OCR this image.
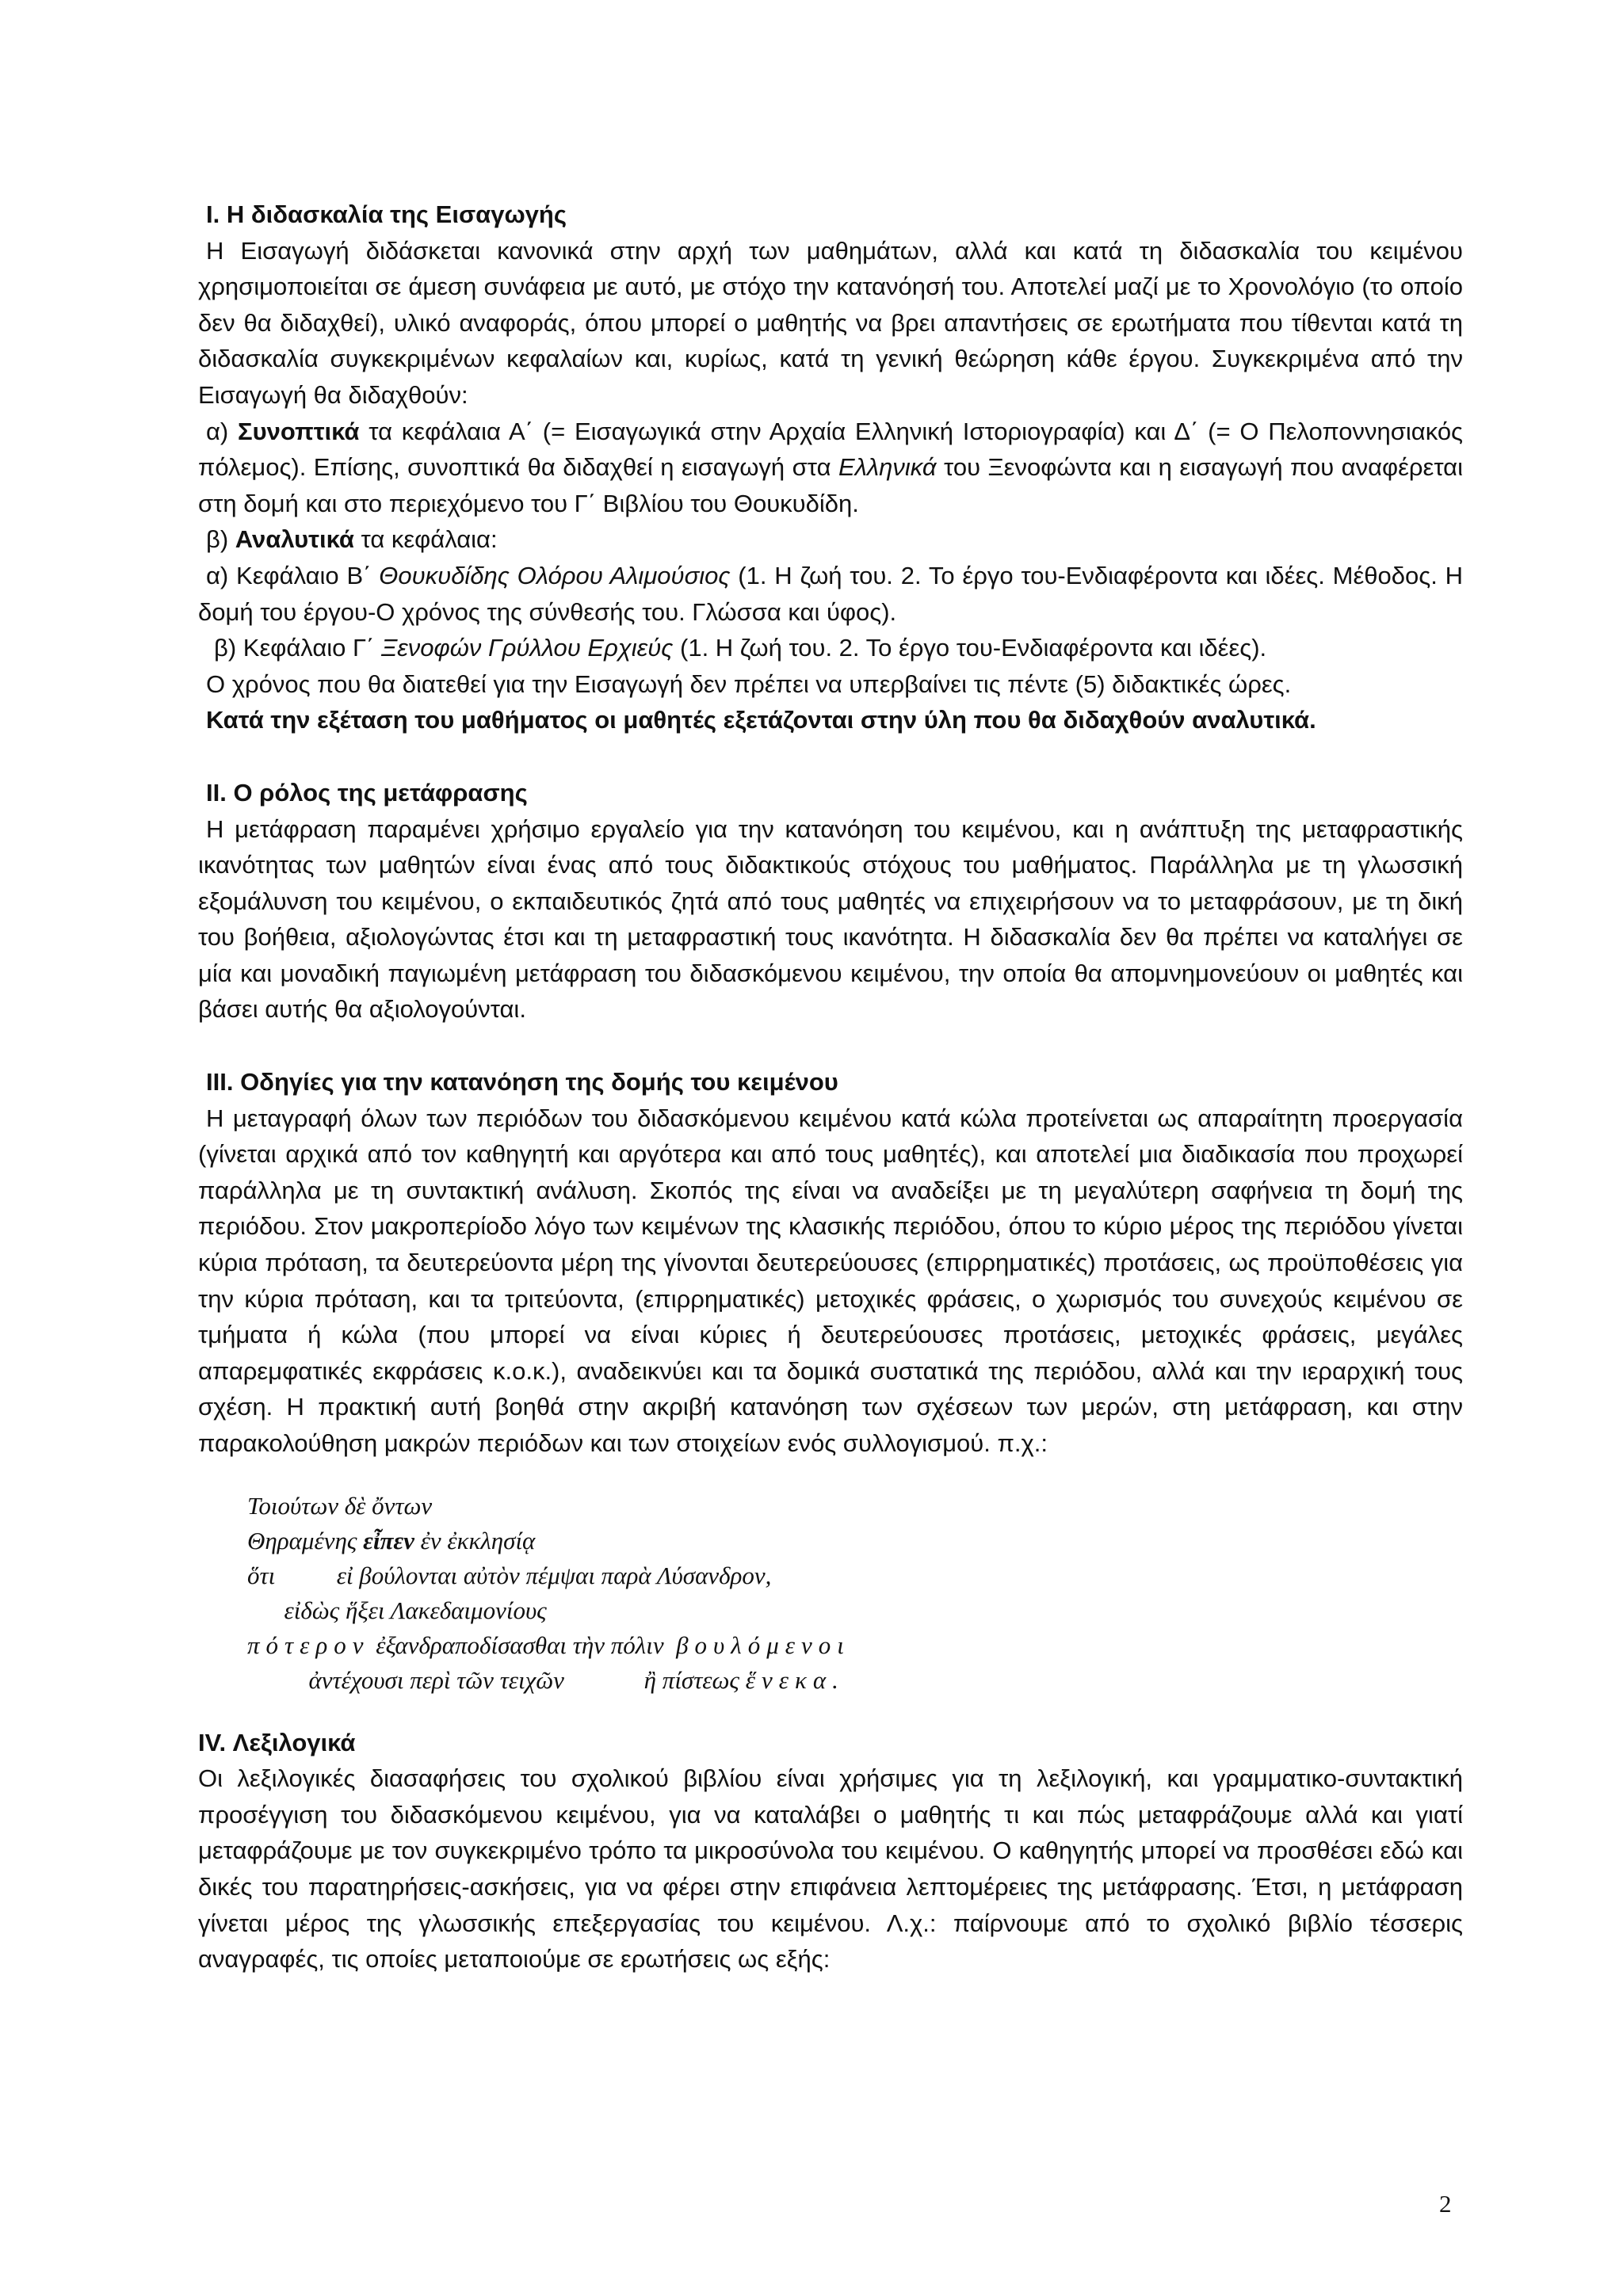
I. Η διδασκαλία της Εισαγωγής

Η Εισαγωγή διδάσκεται κανονικά στην αρχή των μαθημάτων, αλλά και κατά τη διδασκαλία του κειμένου χρησιμοποιείται σε άμεση συνάφεια με αυτό, με στόχο την κατανόησή του. Αποτελεί μαζί με το Χρονολόγιο (το οποίο δεν θα διδαχθεί), υλικό αναφοράς, όπου μπορεί ο μαθητής να βρει απαντήσεις σε ερωτήματα που τίθενται κατά τη διδασκαλία συγκεκριμένων κεφαλαίων και, κυρίως, κατά τη γενική θεώρηση κάθε έργου. Συγκεκριμένα από την Εισαγωγή θα διδαχθούν:

α) Συνοπτικά τα κεφάλαια Α΄ (= Εισαγωγικά στην Αρχαία Ελληνική Ιστοριογραφία) και Δ΄ (= Ο Πελοποννησιακός πόλεμος). Επίσης, συνοπτικά θα διδαχθεί η εισαγωγή στα Ελληνικά του Ξενοφώντα και η εισαγωγή που αναφέρεται στη δομή και στο περιεχόμενο του Γ΄ Βιβλίου του Θουκυδίδη.

β) Αναλυτικά τα κεφάλαια:

α) Κεφάλαιο Β΄ Θουκυδίδης Ολόρου Αλιμούσιος (1. Η ζωή του. 2. Το έργο του-Ενδιαφέροντα και ιδέες. Μέθοδος. Η δομή του έργου-Ο χρόνος της σύνθεσής του. Γλώσσα και ύφος).

β) Κεφάλαιο Γ΄ Ξενοφών Γρύλλου Ερχιεύς (1. Η ζωή του. 2. Το έργο του-Ενδιαφέροντα και ιδέες).

Ο χρόνος που θα διατεθεί για την Εισαγωγή δεν πρέπει να υπερβαίνει τις πέντε (5) διδακτικές ώρες.

Κατά την εξέταση του μαθήματος οι μαθητές εξετάζονται στην ύλη που θα διδαχθούν αναλυτικά.

ΙΙ. Ο ρόλος της μετάφρασης

Η μετάφραση παραμένει χρήσιμο εργαλείο για την κατανόηση του κειμένου, και η ανάπτυξη της μεταφραστικής ικανότητας των μαθητών είναι ένας από τους διδακτικούς στόχους του μαθήματος. Παράλληλα με τη γλωσσική εξομάλυνση του κειμένου, ο εκπαιδευτικός ζητά από τους μαθητές να επιχειρήσουν να το μεταφράσουν, με τη δική του βοήθεια, αξιολογώντας έτσι και τη μεταφραστική τους ικανότητα. Η διδασκαλία δεν θα πρέπει να καταλήγει σε μία και μοναδική παγιωμένη μετάφραση του διδασκόμενου κειμένου, την οποία θα απομνημονεύουν οι μαθητές και βάσει αυτής θα αξιολογούνται.

ΙΙΙ. Οδηγίες για την κατανόηση της δομής του κειμένου

Η μεταγραφή όλων των περιόδων του διδασκόμενου κειμένου κατά κώλα προτείνεται ως απαραίτητη προεργασία (γίνεται αρχικά από τον καθηγητή και αργότερα και από τους μαθητές), και αποτελεί μια διαδικασία που προχωρεί παράλληλα με τη συντακτική ανάλυση. Σκοπός της είναι να αναδείξει με τη μεγαλύτερη σαφήνεια τη δομή της περιόδου. Στον μακροπερίοδο λόγο των κειμένων της κλασικής περιόδου, όπου το κύριο μέρος της περιόδου γίνεται κύρια πρόταση, τα δευτερεύοντα μέρη της γίνονται δευτερεύουσες (επιρρηματικές) προτάσεις, ως προϋποθέσεις για την κύρια πρόταση, και τα τριτεύοντα, (επιρρηματικές) μετοχικές φράσεις, ο χωρισμός του συνεχούς κειμένου σε τμήματα ή κώλα (που μπορεί να είναι κύριες ή δευτερεύουσες προτάσεις, μετοχικές φράσεις, μεγάλες απαρεμφατικές εκφράσεις κ.ο.κ.), αναδεικνύει και τα δομικά συστατικά της περιόδου, αλλά και την ιεραρχική τους σχέση. Η πρακτική αυτή βοηθά στην ακριβή κατανόηση των σχέσεων των μερών, στη μετάφραση, και στην παρακολούθηση μακρών περιόδων και των στοιχείων ενός συλλογισμού. π.χ.:

Τοιούτων δὲ ὄντων
Θηραμένης εἶπεν ἐν ἐκκλησίᾳ
ὅτι	εἰ βούλονται αὐτὸν πέμψαι παρὰ Λύσανδρον,
εἰδὼς ἥξει Λακεδαιμονίους
πότερον ἐξανδραποδίσασθαι τὴν πόλιν βουλόμενοι
ἀντέχουσι περὶ τῶν τειχῶν	ἢ πίστεως ἕνεκα.

IV. Λεξιλογικά

Οι λεξιλογικές διασαφήσεις του σχολικού βιβλίου είναι χρήσιμες για τη λεξιλογική, και γραμματικο-συντακτική προσέγγιση του διδασκόμενου κειμένου, για να καταλάβει ο μαθητής τι και πώς μεταφράζουμε αλλά και γιατί μεταφράζουμε με τον συγκεκριμένο τρόπο τα μικροσύνολα του κειμένου. Ο καθηγητής μπορεί να προσθέσει εδώ και δικές του παρατηρήσεις-ασκήσεις, για να φέρει στην επιφάνεια λεπτομέρειες της μετάφρασης. Έτσι, η μετάφραση γίνεται μέρος της γλωσσικής επεξεργασίας του κειμένου. Λ.χ.: παίρνουμε από το σχολικό βιβλίο τέσσερις αναγραφές, τις οποίες μεταποιούμε σε ερωτήσεις ως εξής:

2
